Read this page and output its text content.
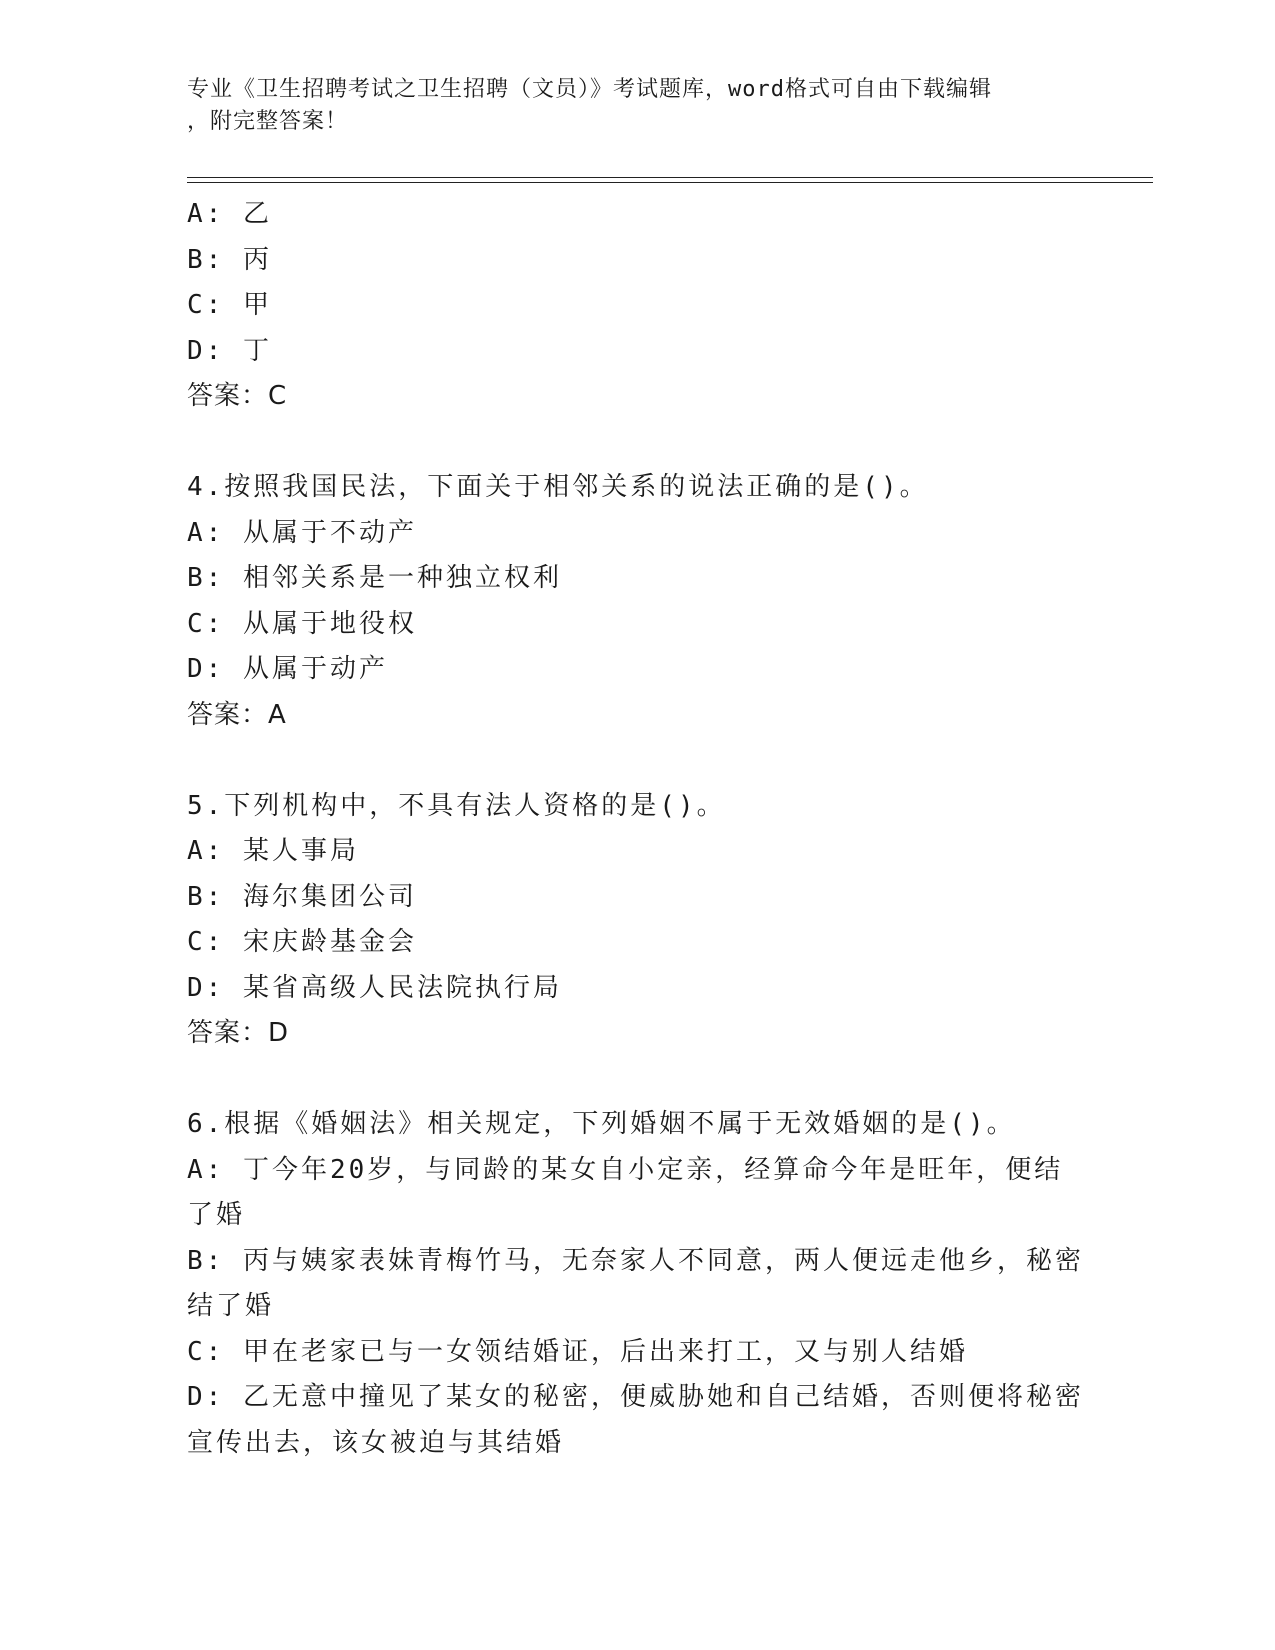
专业《卫生招聘考试之卫生招聘（文员）》考试题库，word格式可自由下载编辑
，附完整答案！
A: 乙
B: 丙
C: 甲
D: 丁
答案：C
4.按照我国民法，下面关于相邻关系的说法正确的是()。
A: 从属于不动产
B: 相邻关系是一种独立权利
C: 从属于地役权
D: 从属于动产
答案：A
5.下列机构中，不具有法人资格的是()。
A: 某人事局
B: 海尔集团公司
C: 宋庆龄基金会
D: 某省高级人民法院执行局
答案：D
6.根据《婚姻法》相关规定，下列婚姻不属于无效婚姻的是()。
A: 丁今年20岁，与同龄的某女自小定亲，经算命今年是旺年，便结
了婚
B: 丙与姨家表妹青梅竹马，无奈家人不同意，两人便远走他乡，秘密
结了婚
C: 甲在老家已与一女领结婚证，后出来打工，又与别人结婚
D: 乙无意中撞见了某女的秘密，便威胁她和自己结婚，否则便将秘密
宣传出去，该女被迫与其结婚
